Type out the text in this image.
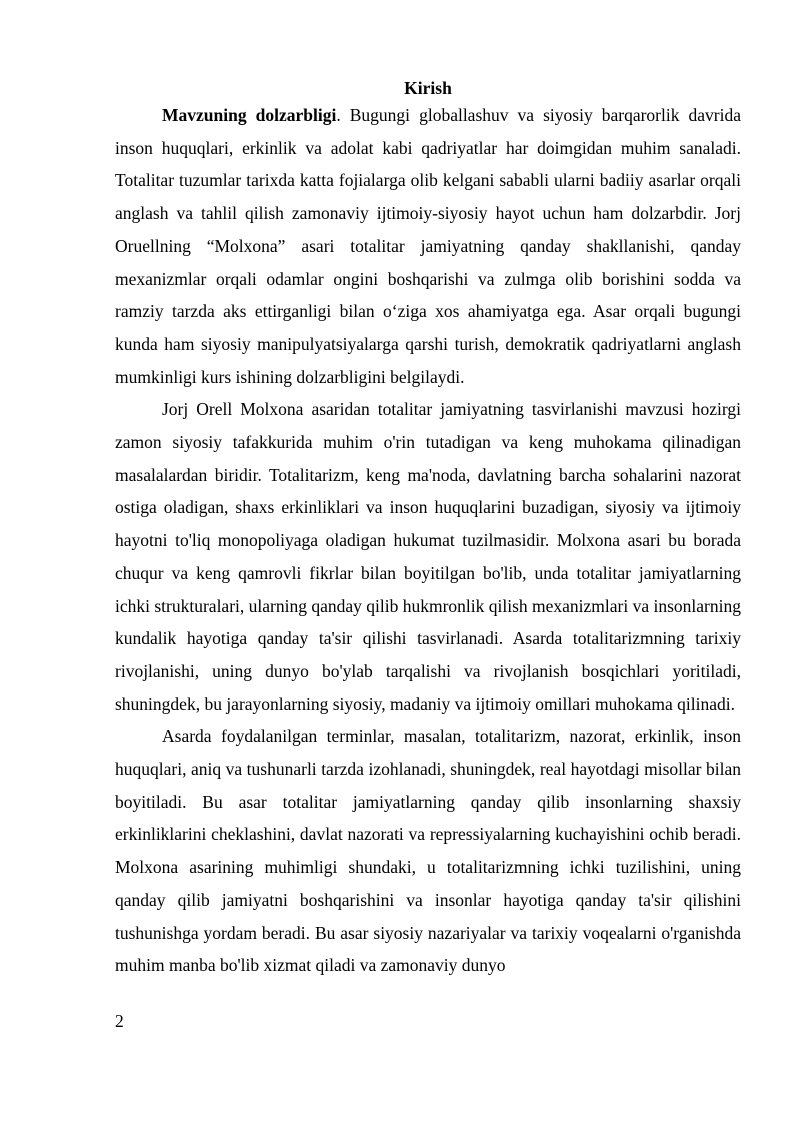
Kirish

Mavzuning dolzarbligi. Bugungi globallashuv va siyosiy barqarorlik davrida inson huquqlari, erkinlik va adolat kabi qadriyatlar har doimgidan muhim sanaladi. Totalitar tuzumlar tarixda katta fojialarga olib kelgani sababli ularni badiiy asarlar orqali anglash va tahlil qilish zamonaviy ijtimoiy-siyosiy hayot uchun ham dolzarbdir. Jorj Oruellning “Molxona” asari totalitar jamiyatning qanday shakllanishi, qanday mexanizmlar orqali odamlar ongini boshqarishi va zulmga olib borishini sodda va ramziy tarzda aks ettirganligi bilan o‘ziga xos ahamiyatga ega. Asar orqali bugungi kunda ham siyosiy manipulyatsiyalarga qarshi turish, demokratik qadriyatlarni anglash mumkinligi kurs ishining dolzarbligini belgilaydi.

Jorj Orell Molxona asaridan totalitar jamiyatning tasvirlanishi mavzusi hozirgi zamon siyosiy tafakkurida muhim o'rin tutadigan va keng muhokama qilinadigan masalalardan biridir. Totalitarizm, keng ma'noda, davlatning barcha sohalarini nazorat ostiga oladigan, shaxs erkinliklari va inson huquqlarini buzadigan, siyosiy va ijtimoiy hayotni to'liq monopoliyaga oladigan hukumat tuzilmasidir. Molxona asari bu borada chuqur va keng qamrovli fikrlar bilan boyitilgan bo'lib, unda totalitar jamiyatlarning ichki strukturalari, ularning qanday qilib hukmronlik qilish mexanizmlari va insonlarning kundalik hayotiga qanday ta'sir qilishi tasvirlanadi. Asarda totalitarizmning tarixiy rivojlanishi, uning dunyo bo'ylab tarqalishi va rivojlanish bosqichlari yoritiladi, shuningdek, bu jarayonlarning siyosiy, madaniy va ijtimoiy omillari muhokama qilinadi.

Asarda foydalanilgan terminlar, masalan, totalitarizm, nazorat, erkinlik, inson huquqlari, aniq va tushunarli tarzda izohlanadi, shuningdek, real hayotdagi misollar bilan boyitiladi. Bu asar totalitar jamiyatlarning qanday qilib insonlarning shaxsiy erkinliklarini cheklashini, davlat nazorati va repressiyalarning kuchayishini ochib beradi. Molxona asarining muhimligi shundaki, u totalitarizmning ichki tuzilishini, uning qanday qilib jamiyatni boshqarishini va insonlar hayotiga qanday ta'sir qilishini tushunishga yordam beradi. Bu asar siyosiy nazariyalar va tarixiy voqealarni o'rganishda muhim manba bo'lib xizmat qiladi va zamonaviy dunyo

2
